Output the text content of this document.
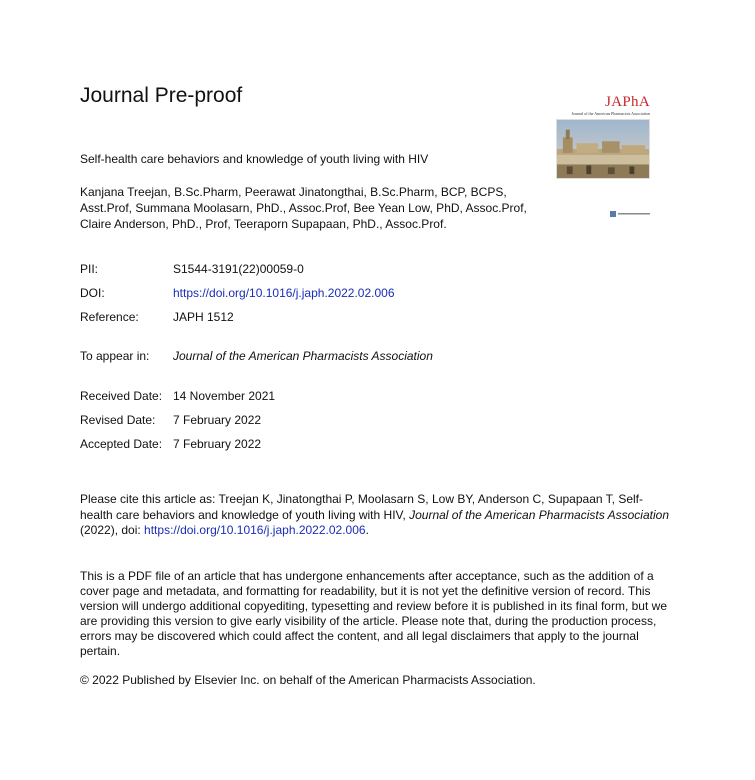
Journal Pre-proof	JAPhA
Journal of the American Pharmacists Association
Self-health care behaviors and knowledge of youth living with HIV
Kanjana Treejan, B.Sc.Pharm, Peerawat Jinatongthai, B.Sc.Pharm, BCP, BCPS, Asst.Prof, Summana Moolasarn, PhD., Assoc.Prof, Bee Yean Low, PhD, Assoc.Prof, Claire Anderson, PhD., Prof, Teeraporn Supapaan, PhD., Assoc.Prof.
PII:	S1544-3191(22)00059-0
DOI:	https://doi.org/10.1016/j.japh.2022.02.006
Reference:	JAPH 1512
To appear in: Journal of the American Pharmacists Association
Received Date: 14 November 2021
Revised Date: 7 February 2022
Accepted Date: 7 February 2022
Please cite this article as: Treejan K, Jinatongthai P, Moolasarn S, Low BY, Anderson C, Supapaan T, Self-health care behaviors and knowledge of youth living with HIV, Journal of the American Pharmacists Association (2022), doi: https://doi.org/10.1016/j.japh.2022.02.006.
This is a PDF file of an article that has undergone enhancements after acceptance, such as the addition of a cover page and metadata, and formatting for readability, but it is not yet the definitive version of record. This version will undergo additional copyediting, typesetting and review before it is published in its final form, but we are providing this version to give early visibility of the article. Please note that, during the production process, errors may be discovered which could affect the content, and all legal disclaimers that apply to the journal pertain.
© 2022 Published by Elsevier Inc. on behalf of the American Pharmacists Association.
